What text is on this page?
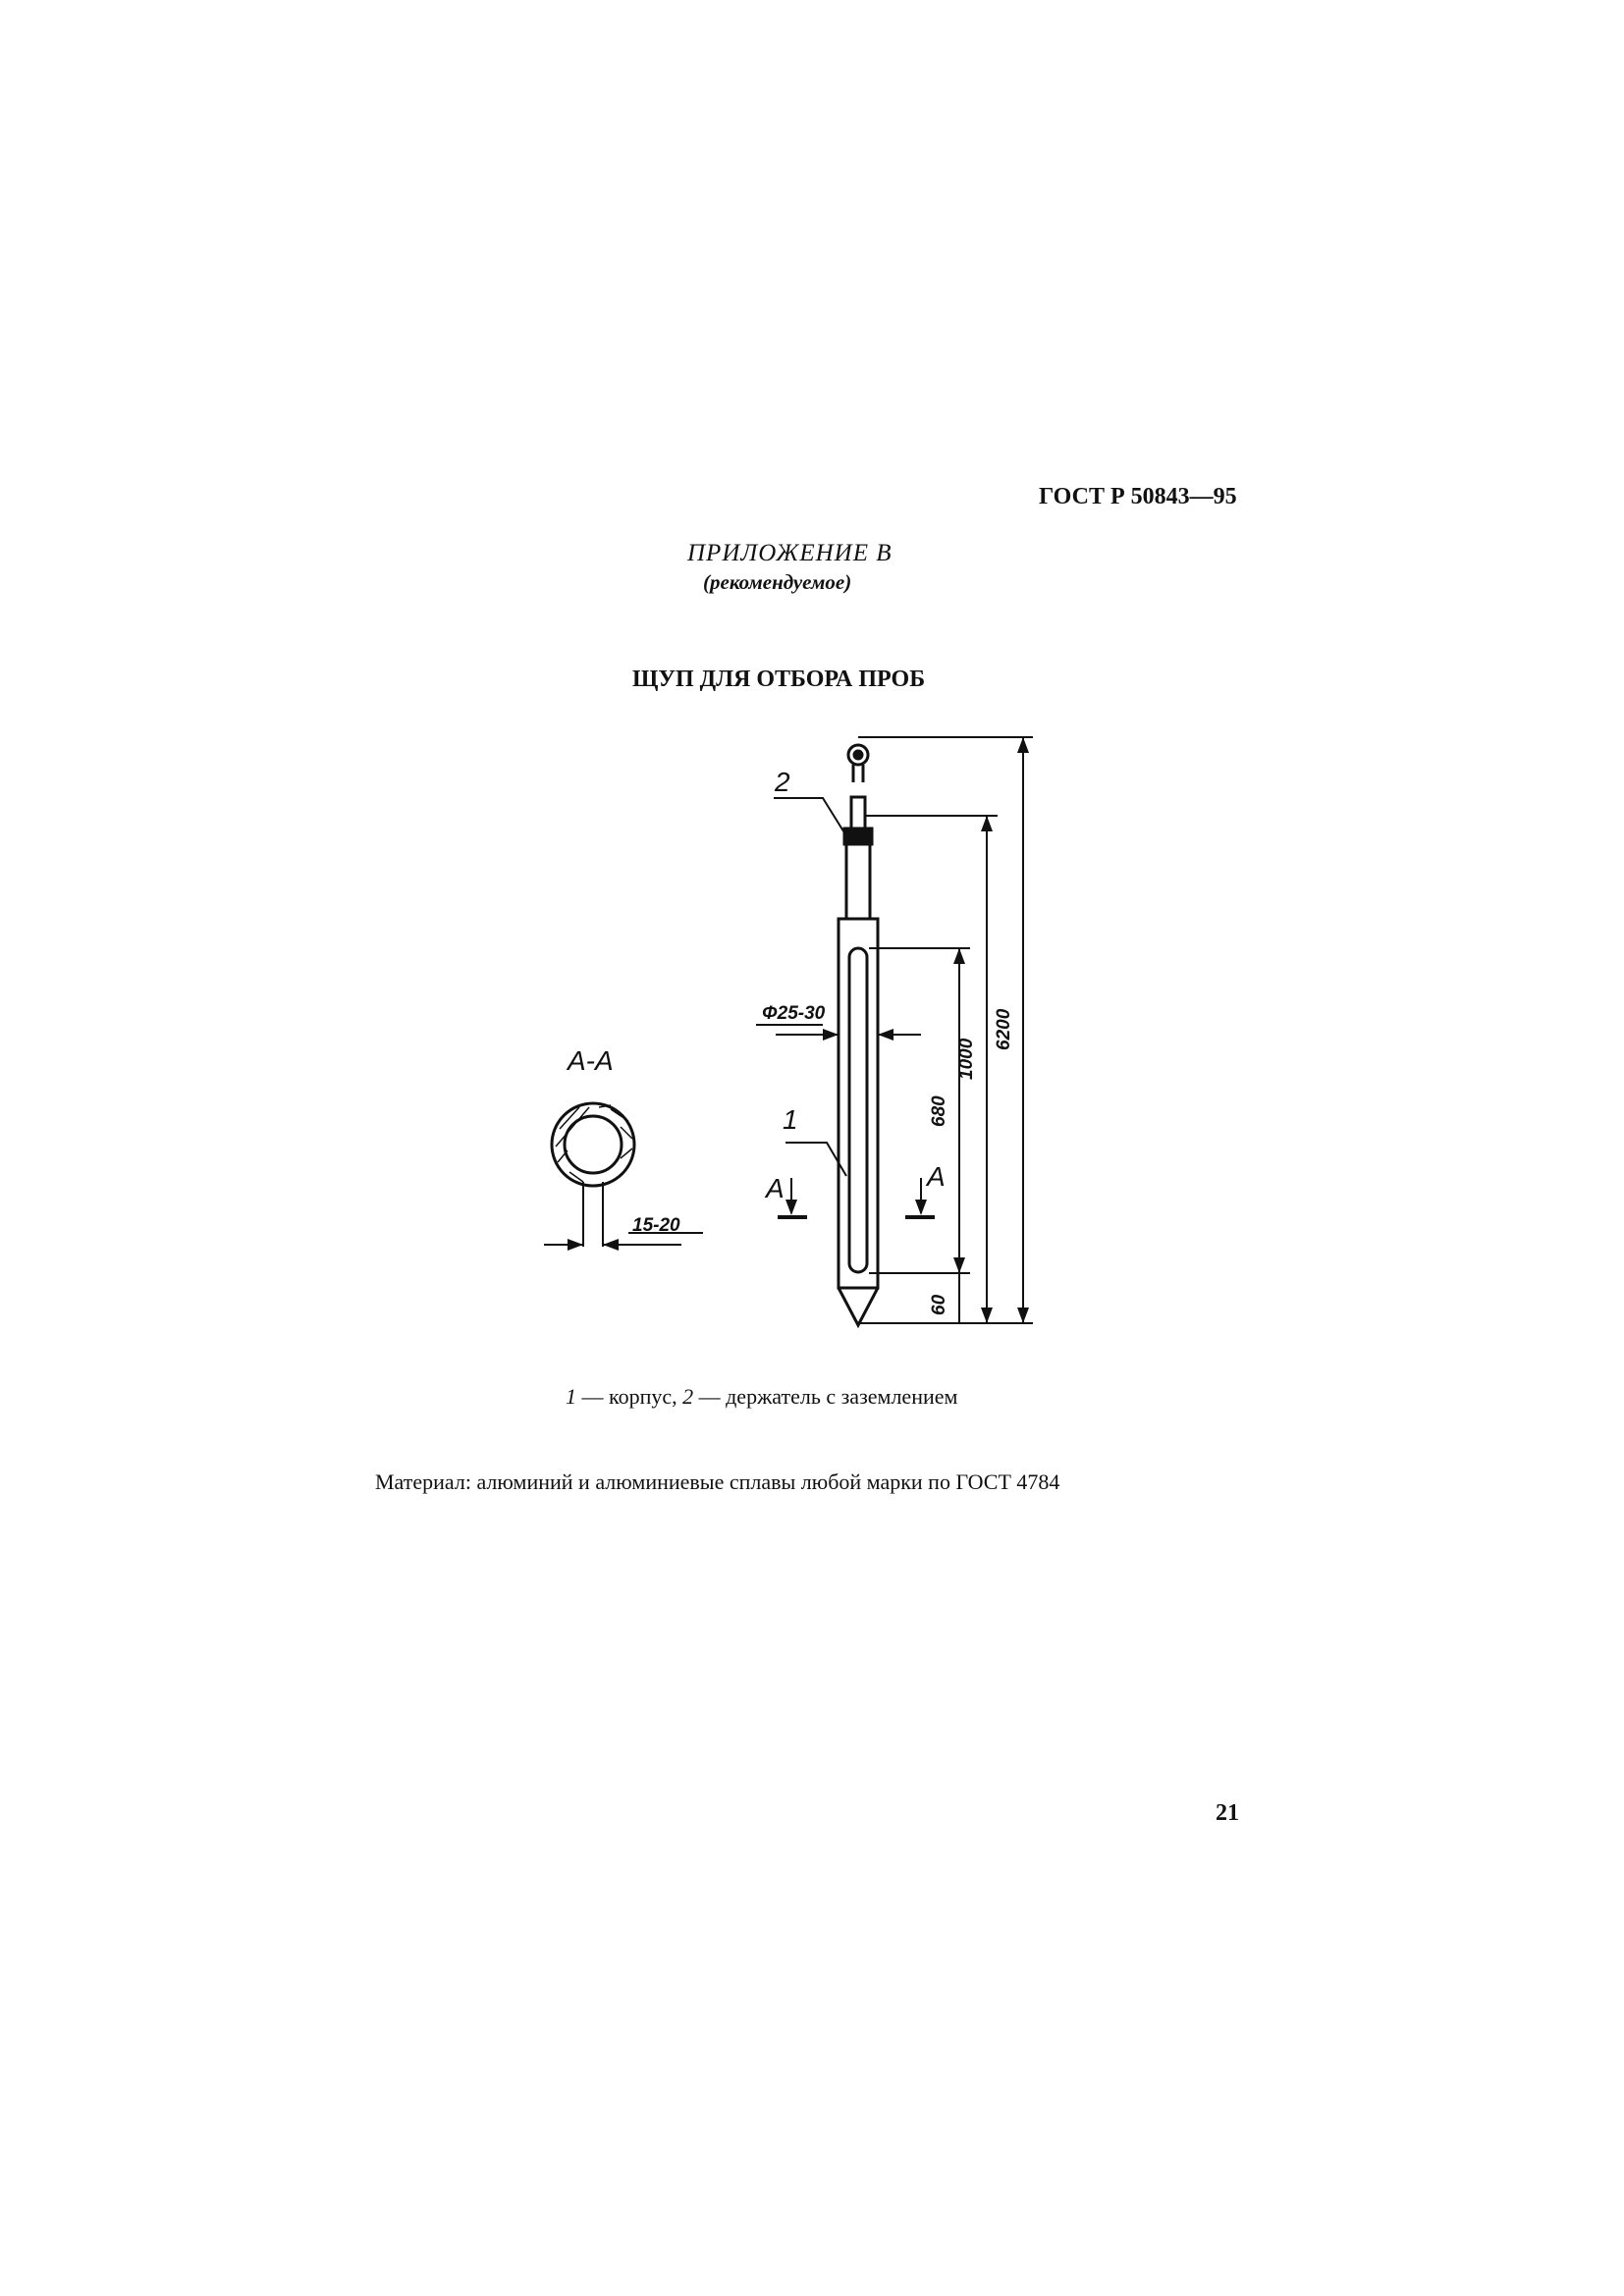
ГОСТ Р 50843—95
ПРИЛОЖЕНИЕ В
(рекомендуемое)
ЩУП ДЛЯ ОТБОРА ПРОБ
2
1
А	А
А-А
Φ25-30
15-20
680
1000
6200
60
1 — корпус, 2 — держатель с заземлением
Материал: алюминий и алюминиевые сплавы любой марки по ГОСТ 4784
21
